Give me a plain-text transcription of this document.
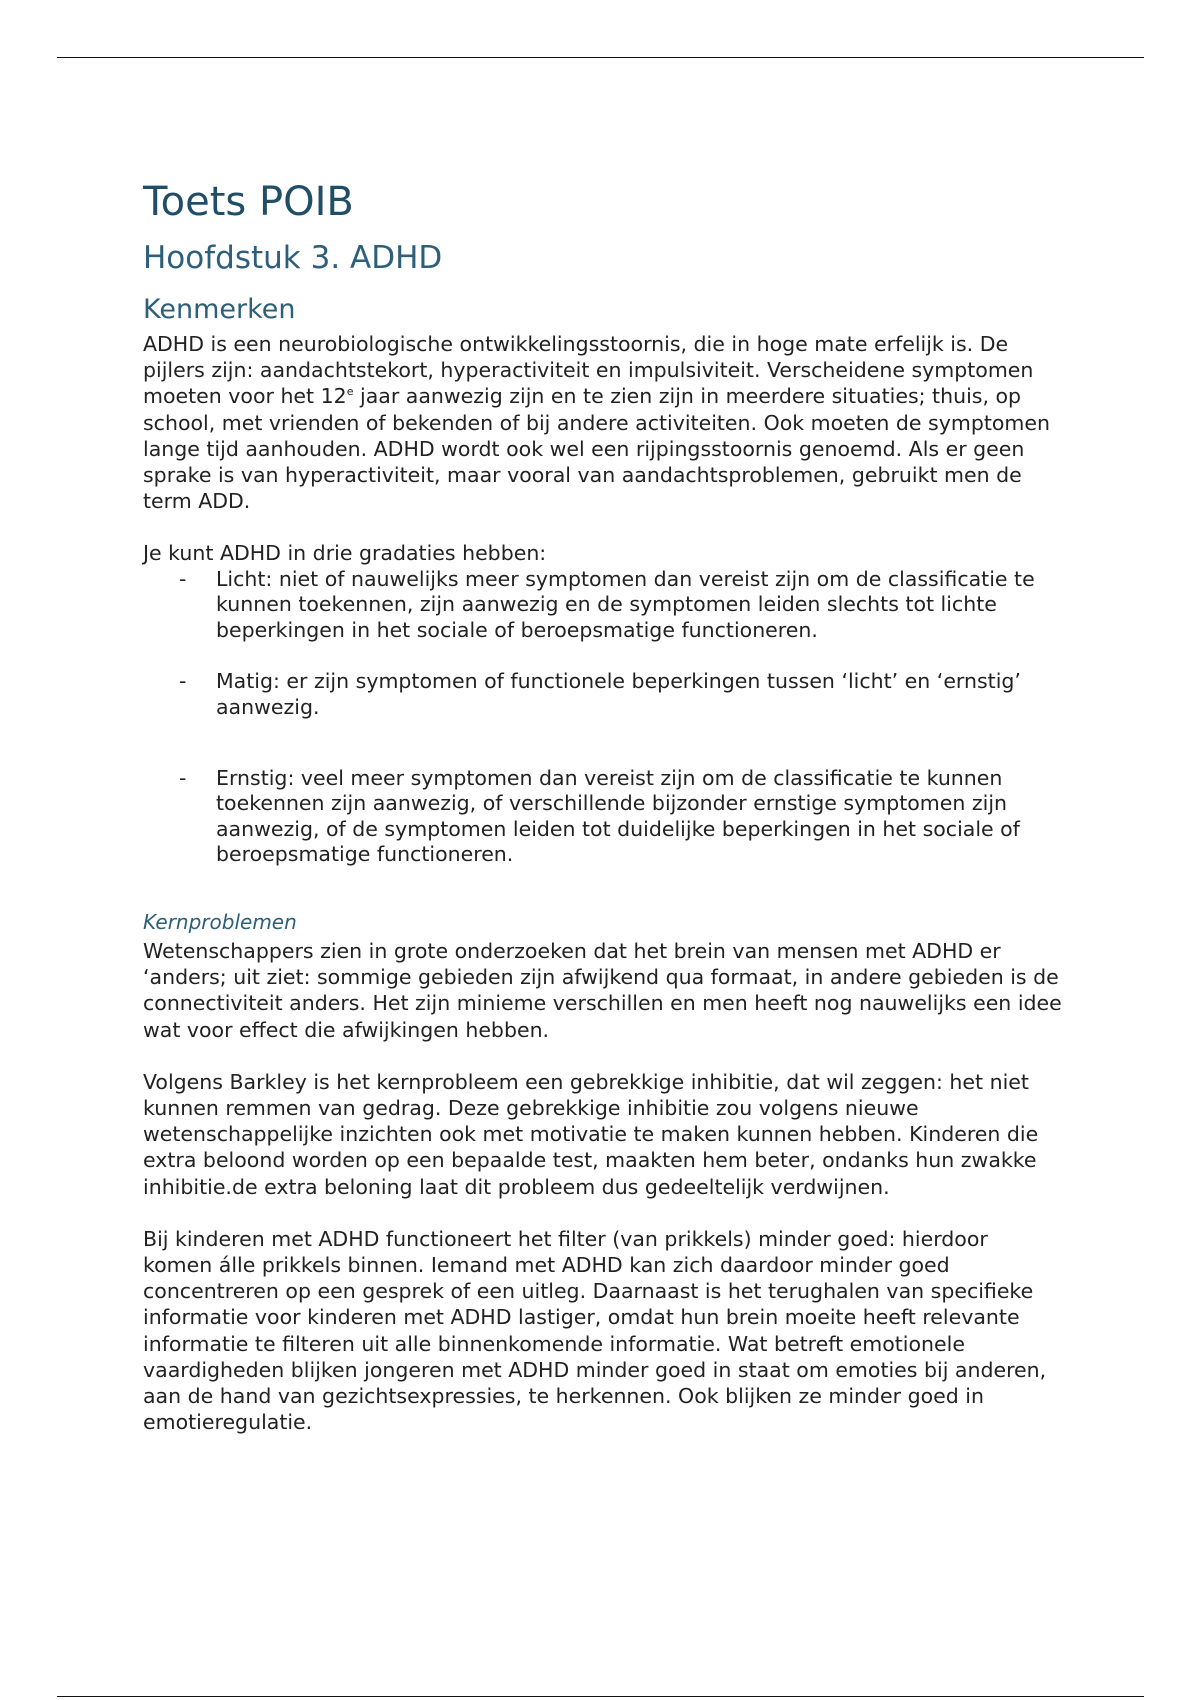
Toets POIB
Hoofdstuk 3. ADHD
Kenmerken

ADHD is een neurobiologische ontwikkelingsstoornis, die in hoge mate erfelijk is. De pijlers zijn: aandachtstekort, hyperactiviteit en impulsiviteit. Verscheidene symptomen moeten voor het 12e jaar aanwezig zijn en te zien zijn in meerdere situaties; thuis, op school, met vrienden of bekenden of bij andere activiteiten. Ook moeten de symptomen lange tijd aanhouden. ADHD wordt ook wel een rijpingsstoornis genoemd. Als er geen sprake is van hyperactiviteit, maar vooral van aandachtsproblemen, gebruikt men de term ADD.

Je kunt ADHD in drie gradaties hebben:

- Licht: niet of nauwelijks meer symptomen dan vereist zijn om de classificatie te kunnen toekennen, zijn aanwezig en de symptomen leiden slechts tot lichte beperkingen in het sociale of beroepsmatige functioneren.
- Matig: er zijn symptomen of functionele beperkingen tussen ‘licht’ en ‘ernstig’ aanwezig.
- Ernstig: veel meer symptomen dan vereist zijn om de classificatie te kunnen toekennen zijn aanwezig, of verschillende bijzonder ernstige symptomen zijn aanwezig, of de symptomen leiden tot duidelijke beperkingen in het sociale of beroepsmatige functioneren.
Kernproblemen

Wetenschappers zien in grote onderzoeken dat het brein van mensen met ADHD er ‘anders; uit ziet: sommige gebieden zijn afwijkend qua formaat, in andere gebieden is de connectiviteit anders. Het zijn minieme verschillen en men heeft nog nauwelijks een idee wat voor effect die afwijkingen hebben.

Volgens Barkley is het kernprobleem een gebrekkige inhibitie, dat wil zeggen: het niet kunnen remmen van gedrag. Deze gebrekkige inhibitie zou volgens nieuwe wetenschappelijke inzichten ook met motivatie te maken kunnen hebben. Kinderen die extra beloond worden op een bepaalde test, maakten hem beter, ondanks hun zwakke inhibitie.de extra beloning laat dit probleem dus gedeeltelijk verdwijnen.

Bij kinderen met ADHD functioneert het filter (van prikkels) minder goed: hierdoor komen álle prikkels binnen. Iemand met ADHD kan zich daardoor minder goed concentreren op een gesprek of een uitleg. Daarnaast is het terughalen van specifieke informatie voor kinderen met ADHD lastiger, omdat hun brein moeite heeft relevante informatie te filteren uit alle binnenkomende informatie. Wat betreft emotionele vaardigheden blijken jongeren met ADHD minder goed in staat om emoties bij anderen, aan de hand van gezichtsexpressies, te herkennen. Ook blijken ze minder goed in emotieregulatie.
